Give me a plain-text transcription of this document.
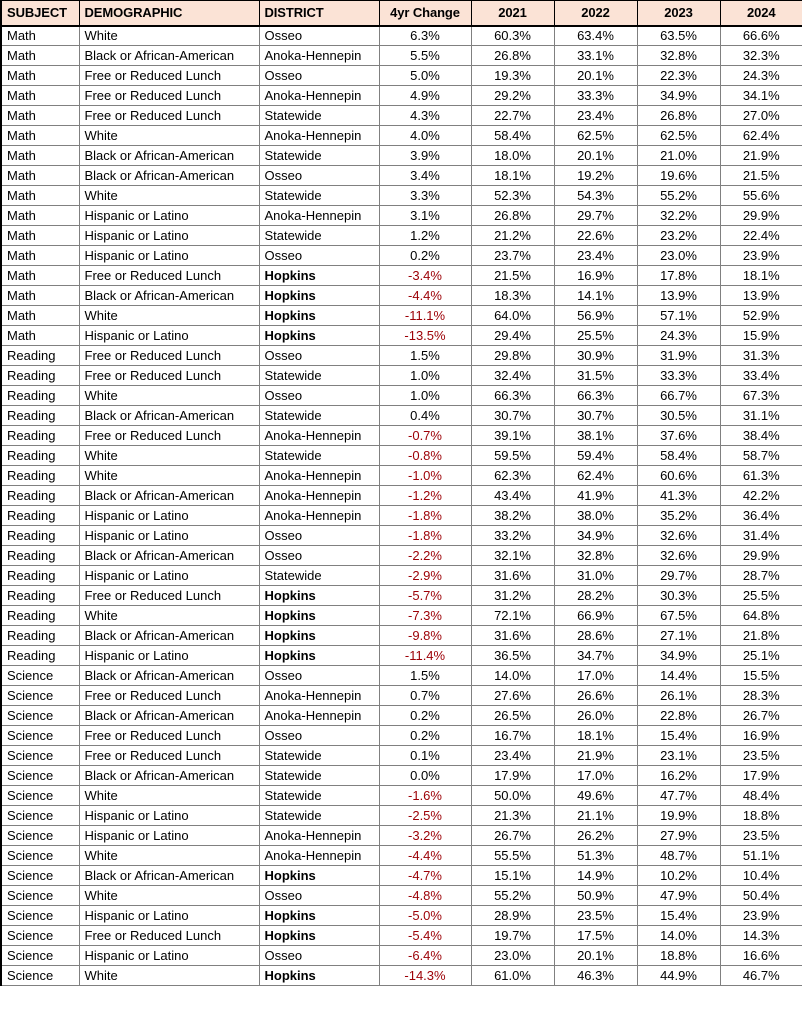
SUBJECT	DEMOGRAPHIC	DISTRICT	4yr Change	2021	2022	2023	2024
Math	White	Osseo	6.3%	60.3%	63.4%	63.5%	66.6%
Math	Black or African-American	Anoka-Hennepin	5.5%	26.8%	33.1%	32.8%	32.3%
Math	Free or Reduced Lunch	Osseo	5.0%	19.3%	20.1%	22.3%	24.3%
Math	Free or Reduced Lunch	Anoka-Hennepin	4.9%	29.2%	33.3%	34.9%	34.1%
Math	Free or Reduced Lunch	Statewide	4.3%	22.7%	23.4%	26.8%	27.0%
Math	White	Anoka-Hennepin	4.0%	58.4%	62.5%	62.5%	62.4%
Math	Black or African-American	Statewide	3.9%	18.0%	20.1%	21.0%	21.9%
Math	Black or African-American	Osseo	3.4%	18.1%	19.2%	19.6%	21.5%
Math	White	Statewide	3.3%	52.3%	54.3%	55.2%	55.6%
Math	Hispanic or Latino	Anoka-Hennepin	3.1%	26.8%	29.7%	32.2%	29.9%
Math	Hispanic or Latino	Statewide	1.2%	21.2%	22.6%	23.2%	22.4%
Math	Hispanic or Latino	Osseo	0.2%	23.7%	23.4%	23.0%	23.9%
Math	Free or Reduced Lunch	Hopkins	-3.4%	21.5%	16.9%	17.8%	18.1%
Math	Black or African-American	Hopkins	-4.4%	18.3%	14.1%	13.9%	13.9%
Math	White	Hopkins	-11.1%	64.0%	56.9%	57.1%	52.9%
Math	Hispanic or Latino	Hopkins	-13.5%	29.4%	25.5%	24.3%	15.9%
Reading	Free or Reduced Lunch	Osseo	1.5%	29.8%	30.9%	31.9%	31.3%
Reading	Free or Reduced Lunch	Statewide	1.0%	32.4%	31.5%	33.3%	33.4%
Reading	White	Osseo	1.0%	66.3%	66.3%	66.7%	67.3%
Reading	Black or African-American	Statewide	0.4%	30.7%	30.7%	30.5%	31.1%
Reading	Free or Reduced Lunch	Anoka-Hennepin	-0.7%	39.1%	38.1%	37.6%	38.4%
Reading	White	Statewide	-0.8%	59.5%	59.4%	58.4%	58.7%
Reading	White	Anoka-Hennepin	-1.0%	62.3%	62.4%	60.6%	61.3%
Reading	Black or African-American	Anoka-Hennepin	-1.2%	43.4%	41.9%	41.3%	42.2%
Reading	Hispanic or Latino	Anoka-Hennepin	-1.8%	38.2%	38.0%	35.2%	36.4%
Reading	Hispanic or Latino	Osseo	-1.8%	33.2%	34.9%	32.6%	31.4%
Reading	Black or African-American	Osseo	-2.2%	32.1%	32.8%	32.6%	29.9%
Reading	Hispanic or Latino	Statewide	-2.9%	31.6%	31.0%	29.7%	28.7%
Reading	Free or Reduced Lunch	Hopkins	-5.7%	31.2%	28.2%	30.3%	25.5%
Reading	White	Hopkins	-7.3%	72.1%	66.9%	67.5%	64.8%
Reading	Black or African-American	Hopkins	-9.8%	31.6%	28.6%	27.1%	21.8%
Reading	Hispanic or Latino	Hopkins	-11.4%	36.5%	34.7%	34.9%	25.1%
Science	Black or African-American	Osseo	1.5%	14.0%	17.0%	14.4%	15.5%
Science	Free or Reduced Lunch	Anoka-Hennepin	0.7%	27.6%	26.6%	26.1%	28.3%
Science	Black or African-American	Anoka-Hennepin	0.2%	26.5%	26.0%	22.8%	26.7%
Science	Free or Reduced Lunch	Osseo	0.2%	16.7%	18.1%	15.4%	16.9%
Science	Free or Reduced Lunch	Statewide	0.1%	23.4%	21.9%	23.1%	23.5%
Science	Black or African-American	Statewide	0.0%	17.9%	17.0%	16.2%	17.9%
Science	White	Statewide	-1.6%	50.0%	49.6%	47.7%	48.4%
Science	Hispanic or Latino	Statewide	-2.5%	21.3%	21.1%	19.9%	18.8%
Science	Hispanic or Latino	Anoka-Hennepin	-3.2%	26.7%	26.2%	27.9%	23.5%
Science	White	Anoka-Hennepin	-4.4%	55.5%	51.3%	48.7%	51.1%
Science	Black or African-American	Hopkins	-4.7%	15.1%	14.9%	10.2%	10.4%
Science	White	Osseo	-4.8%	55.2%	50.9%	47.9%	50.4%
Science	Hispanic or Latino	Hopkins	-5.0%	28.9%	23.5%	15.4%	23.9%
Science	Free or Reduced Lunch	Hopkins	-5.4%	19.7%	17.5%	14.0%	14.3%
Science	Hispanic or Latino	Osseo	-6.4%	23.0%	20.1%	18.8%	16.6%
Science	White	Hopkins	-14.3%	61.0%	46.3%	44.9%	46.7%
